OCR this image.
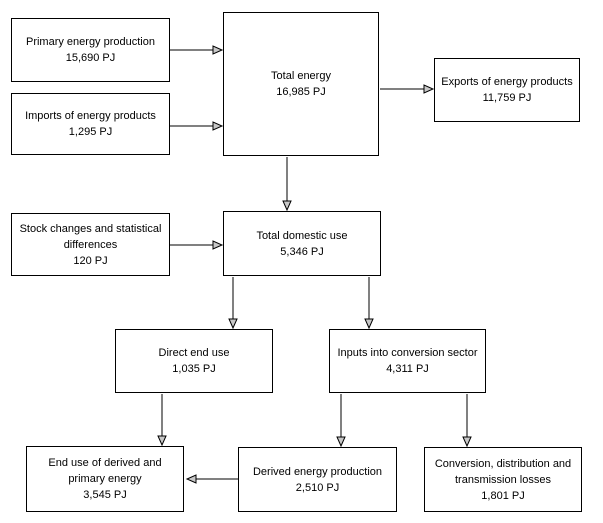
Primary energy production
15,690 PJ
Imports of energy products
1,295 PJ
Total energy
16,985 PJ
Exports of energy products
11,759 PJ
Stock changes and statistical
differences
120 PJ
Total domestic use
5,346 PJ
Direct end use
1,035 PJ
Inputs into conversion sector
4,311 PJ
End use of derived and
primary energy
3,545 PJ
Derived energy production
2,510 PJ
Conversion, distribution and
transmission losses
1,801 PJ
